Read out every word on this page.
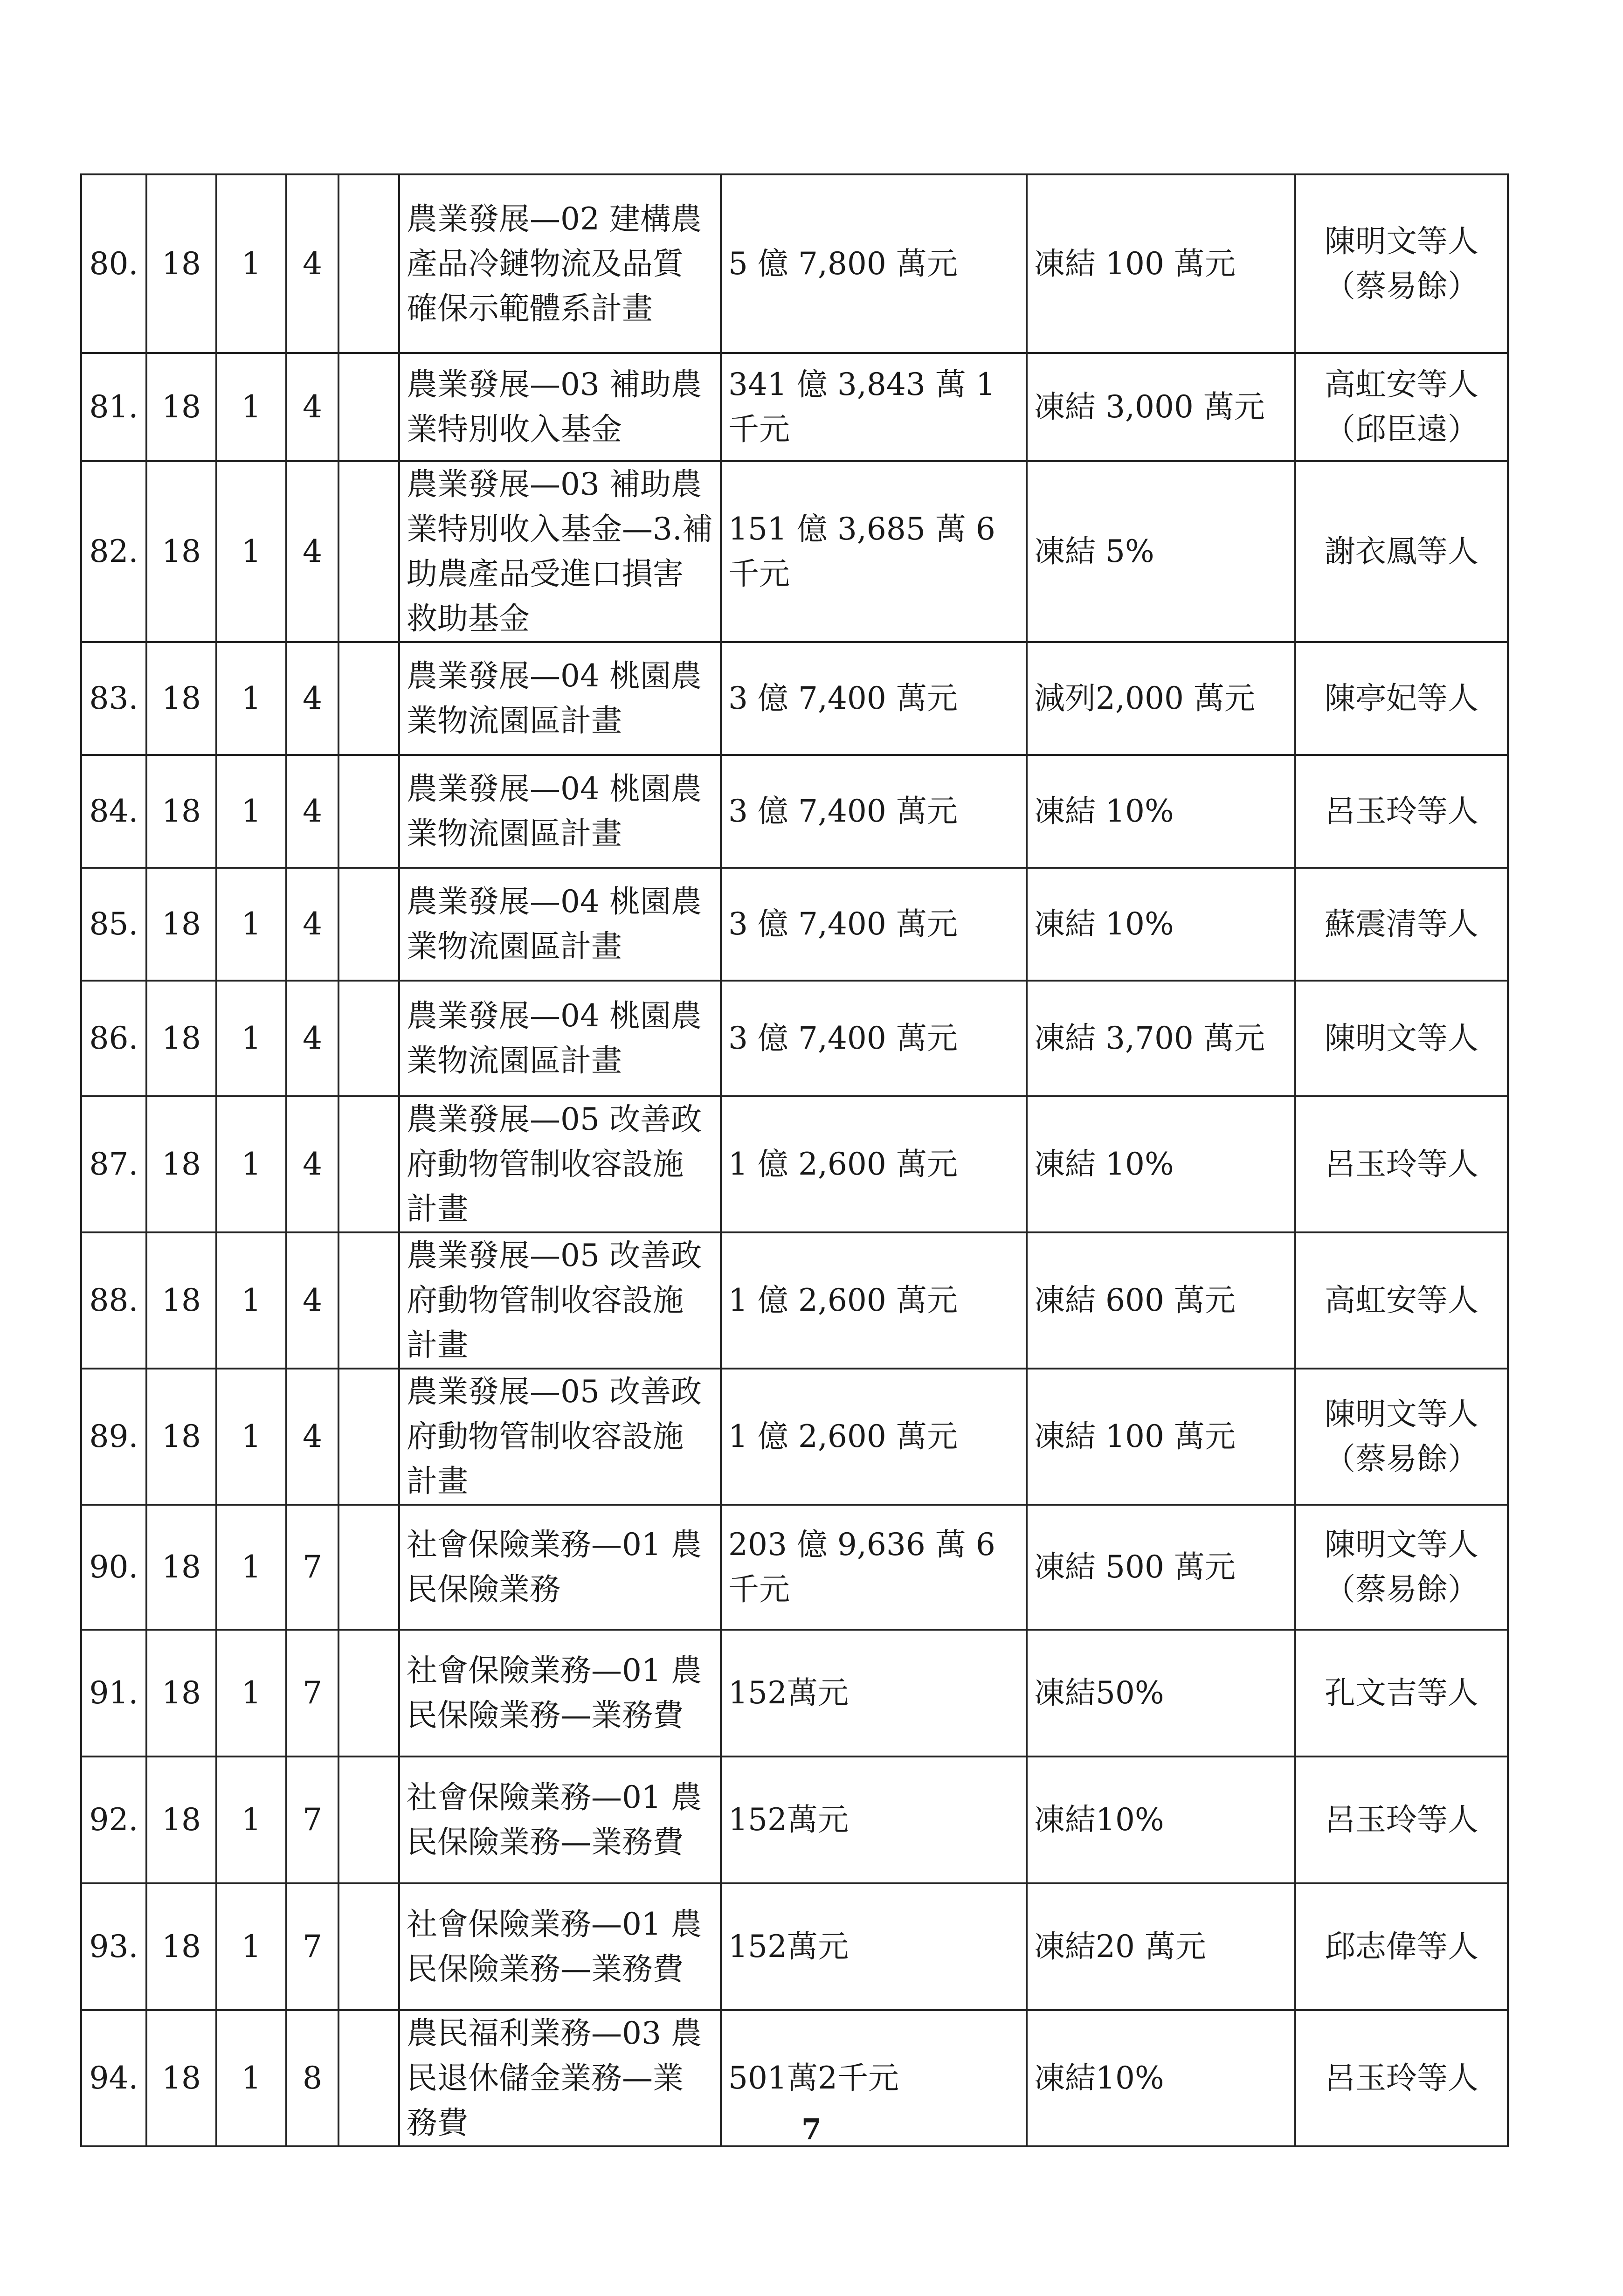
80.	18	1	4		農業發展—02 建構農產品冷鏈物流及品質確保示範體系計畫	5 億 7,800 萬元	凍結 100 萬元	陳明文等人
（蔡易餘）

81.	18	1	4		農業發展—03 補助農業特別收入基金	341 億 3,843 萬 1 千元	凍結 3,000 萬元	高虹安等人
（邱臣遠）

82.	18	1	4		農業發展—03 補助農業特別收入基金—3.補助農產品受進口損害救助基金	151 億 3,685 萬 6 千元	凍結 5%	謝衣鳳等人

83.	18	1	4		農業發展—04 桃園農業物流園區計畫	3 億 7,400 萬元	減列2,000 萬元	陳亭妃等人

84.	18	1	4		農業發展—04 桃園農業物流園區計畫	3 億 7,400 萬元	凍結 10%	呂玉玲等人

85.	18	1	4		農業發展—04 桃園農業物流園區計畫	3 億 7,400 萬元	凍結 10%	蘇震清等人

86.	18	1	4		農業發展—04 桃園農業物流園區計畫	3 億 7,400 萬元	凍結 3,700 萬元	陳明文等人

87.	18	1	4		農業發展—05 改善政府動物管制收容設施計畫	1 億 2,600 萬元	凍結 10%	呂玉玲等人

88.	18	1	4		農業發展—05 改善政府動物管制收容設施計畫	1 億 2,600 萬元	凍結 600 萬元	高虹安等人

89.	18	1	4		農業發展—05 改善政府動物管制收容設施計畫	1 億 2,600 萬元	凍結 100 萬元	陳明文等人
（蔡易餘）

90.	18	1	7		社會保險業務—01 農民保險業務	203 億 9,636 萬 6 千元	凍結 500 萬元	陳明文等人
（蔡易餘）

91.	18	1	7		社會保險業務—01 農民保險業務—業務費	152萬元	凍結50%	孔文吉等人

92.	18	1	7		社會保險業務—01 農民保險業務—業務費	152萬元	凍結10%	呂玉玲等人

93.	18	1	7		社會保險業務—01 農民保險業務—業務費	152萬元	凍結20 萬元	邱志偉等人

94.	18	1	8		農民福利業務—03 農民退休儲金業務—業務費	501萬2千元	凍結10%	呂玉玲等人
7
